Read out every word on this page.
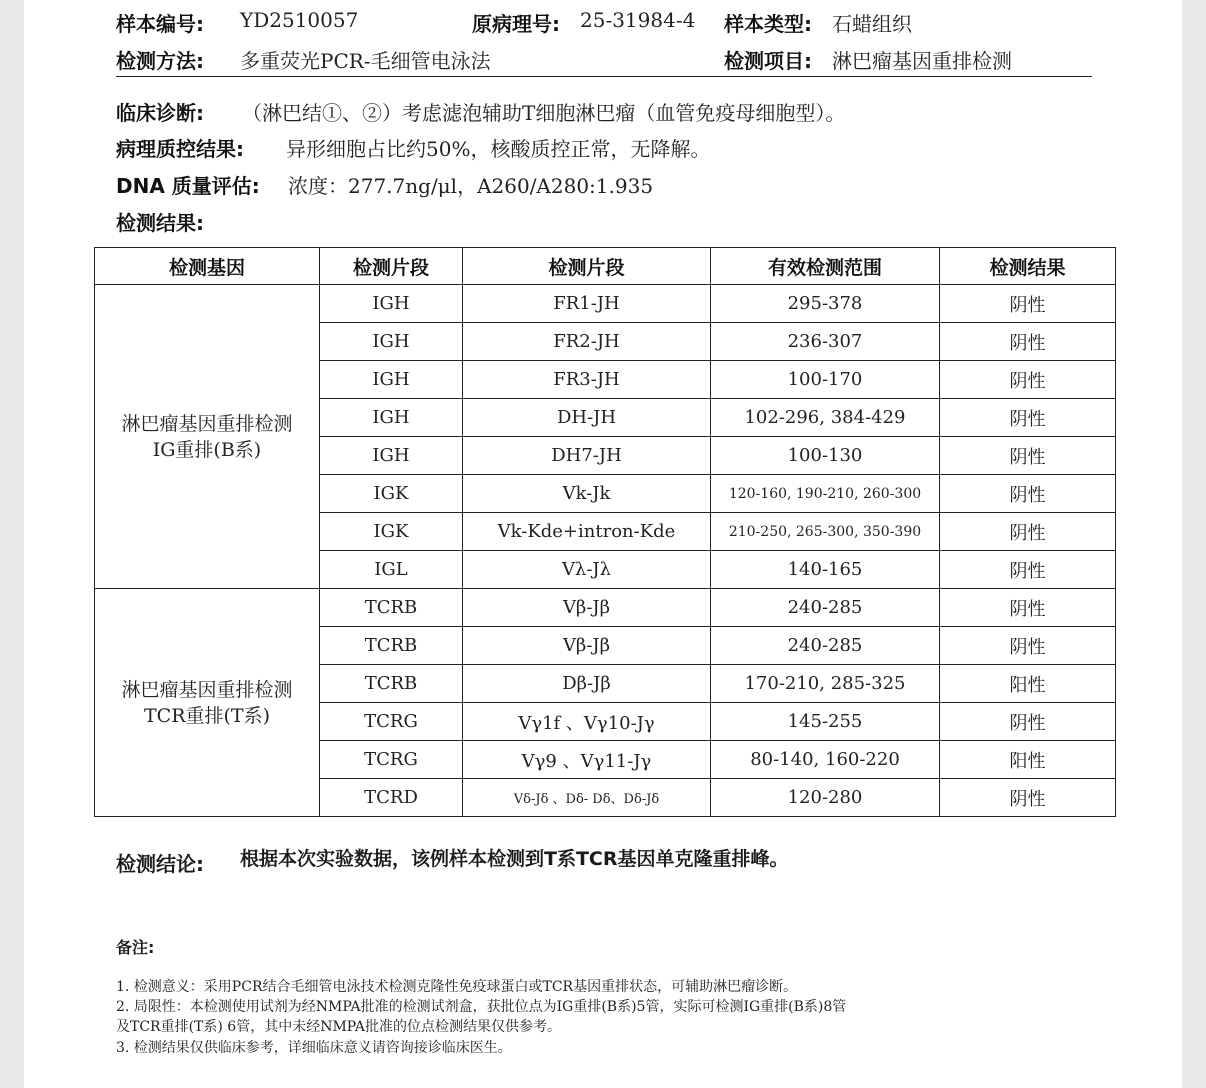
样本编号: YD2510057	原病理号: 25-31984-4 样本类型: 石蜡组织
检测方法: 多重荧光PCR-毛细管电泳法	检测项目: 淋巴瘤基因重排检测
临床诊断: （淋巴结①、②）考虑滤泡辅助T细胞淋巴瘤（血管免疫母细胞型）。
病理质控结果: 异形细胞占比约50%，核酸质控正常，无降解。
DNA 质量评估: 浓度：277.7ng/μl，A260/A280:1.935
检测结果:
检测基因	检测片段	检测片段	有效检测范围	检测结果

淋巴瘤基因重排检测
IG重排(B系)	IGH	FR1-JH	295-378	阴性
	IGH	FR2-JH	236-307	阴性
	IGH	FR3-JH	100-170	阴性
	IGH	DH-JH	102-296, 384-429	阴性
	IGH	DH7-JH	100-130	阴性
	IGK	Vk-Jk	120-160, 190-210, 260-300	阴性
	IGK	Vk-Kde+intron-Kde	210-250, 265-300, 350-390	阴性
	IGL	Vλ-Jλ	140-165	阴性

淋巴瘤基因重排检测
TCR重排(T系)	TCRB	Vβ-Jβ	240-285	阴性
	TCRB	Vβ-Jβ	240-285	阴性
	TCRB	Dβ-Jβ	170-210, 285-325	阳性
	TCRG	Vγ1f 、Vγ10-Jγ	145-255	阴性
	TCRG	Vγ9 、Vγ11-Jγ	80-140, 160-220	阳性
	TCRD	Vδ-Jδ 、Dδ- Dδ、Dδ-Jδ	120-280	阴性
检测结论: 根据本次实验数据，该例样本检测到T系TCR基因单克隆重排峰。
备注:
1. 检测意义：采用PCR结合毛细管电泳技术检测克隆性免疫球蛋白或TCR基因重排状态，可辅助淋巴瘤诊断。
2. 局限性：本检测使用试剂为经NMPA批准的检测试剂盒，获批位点为IG重排(B系)5管，实际可检测IG重排(B系)8管
及TCR重排(T系) 6管，其中未经NMPA批准的位点检测结果仅供参考。
3. 检测结果仅供临床参考，详细临床意义请咨询接诊临床医生。
